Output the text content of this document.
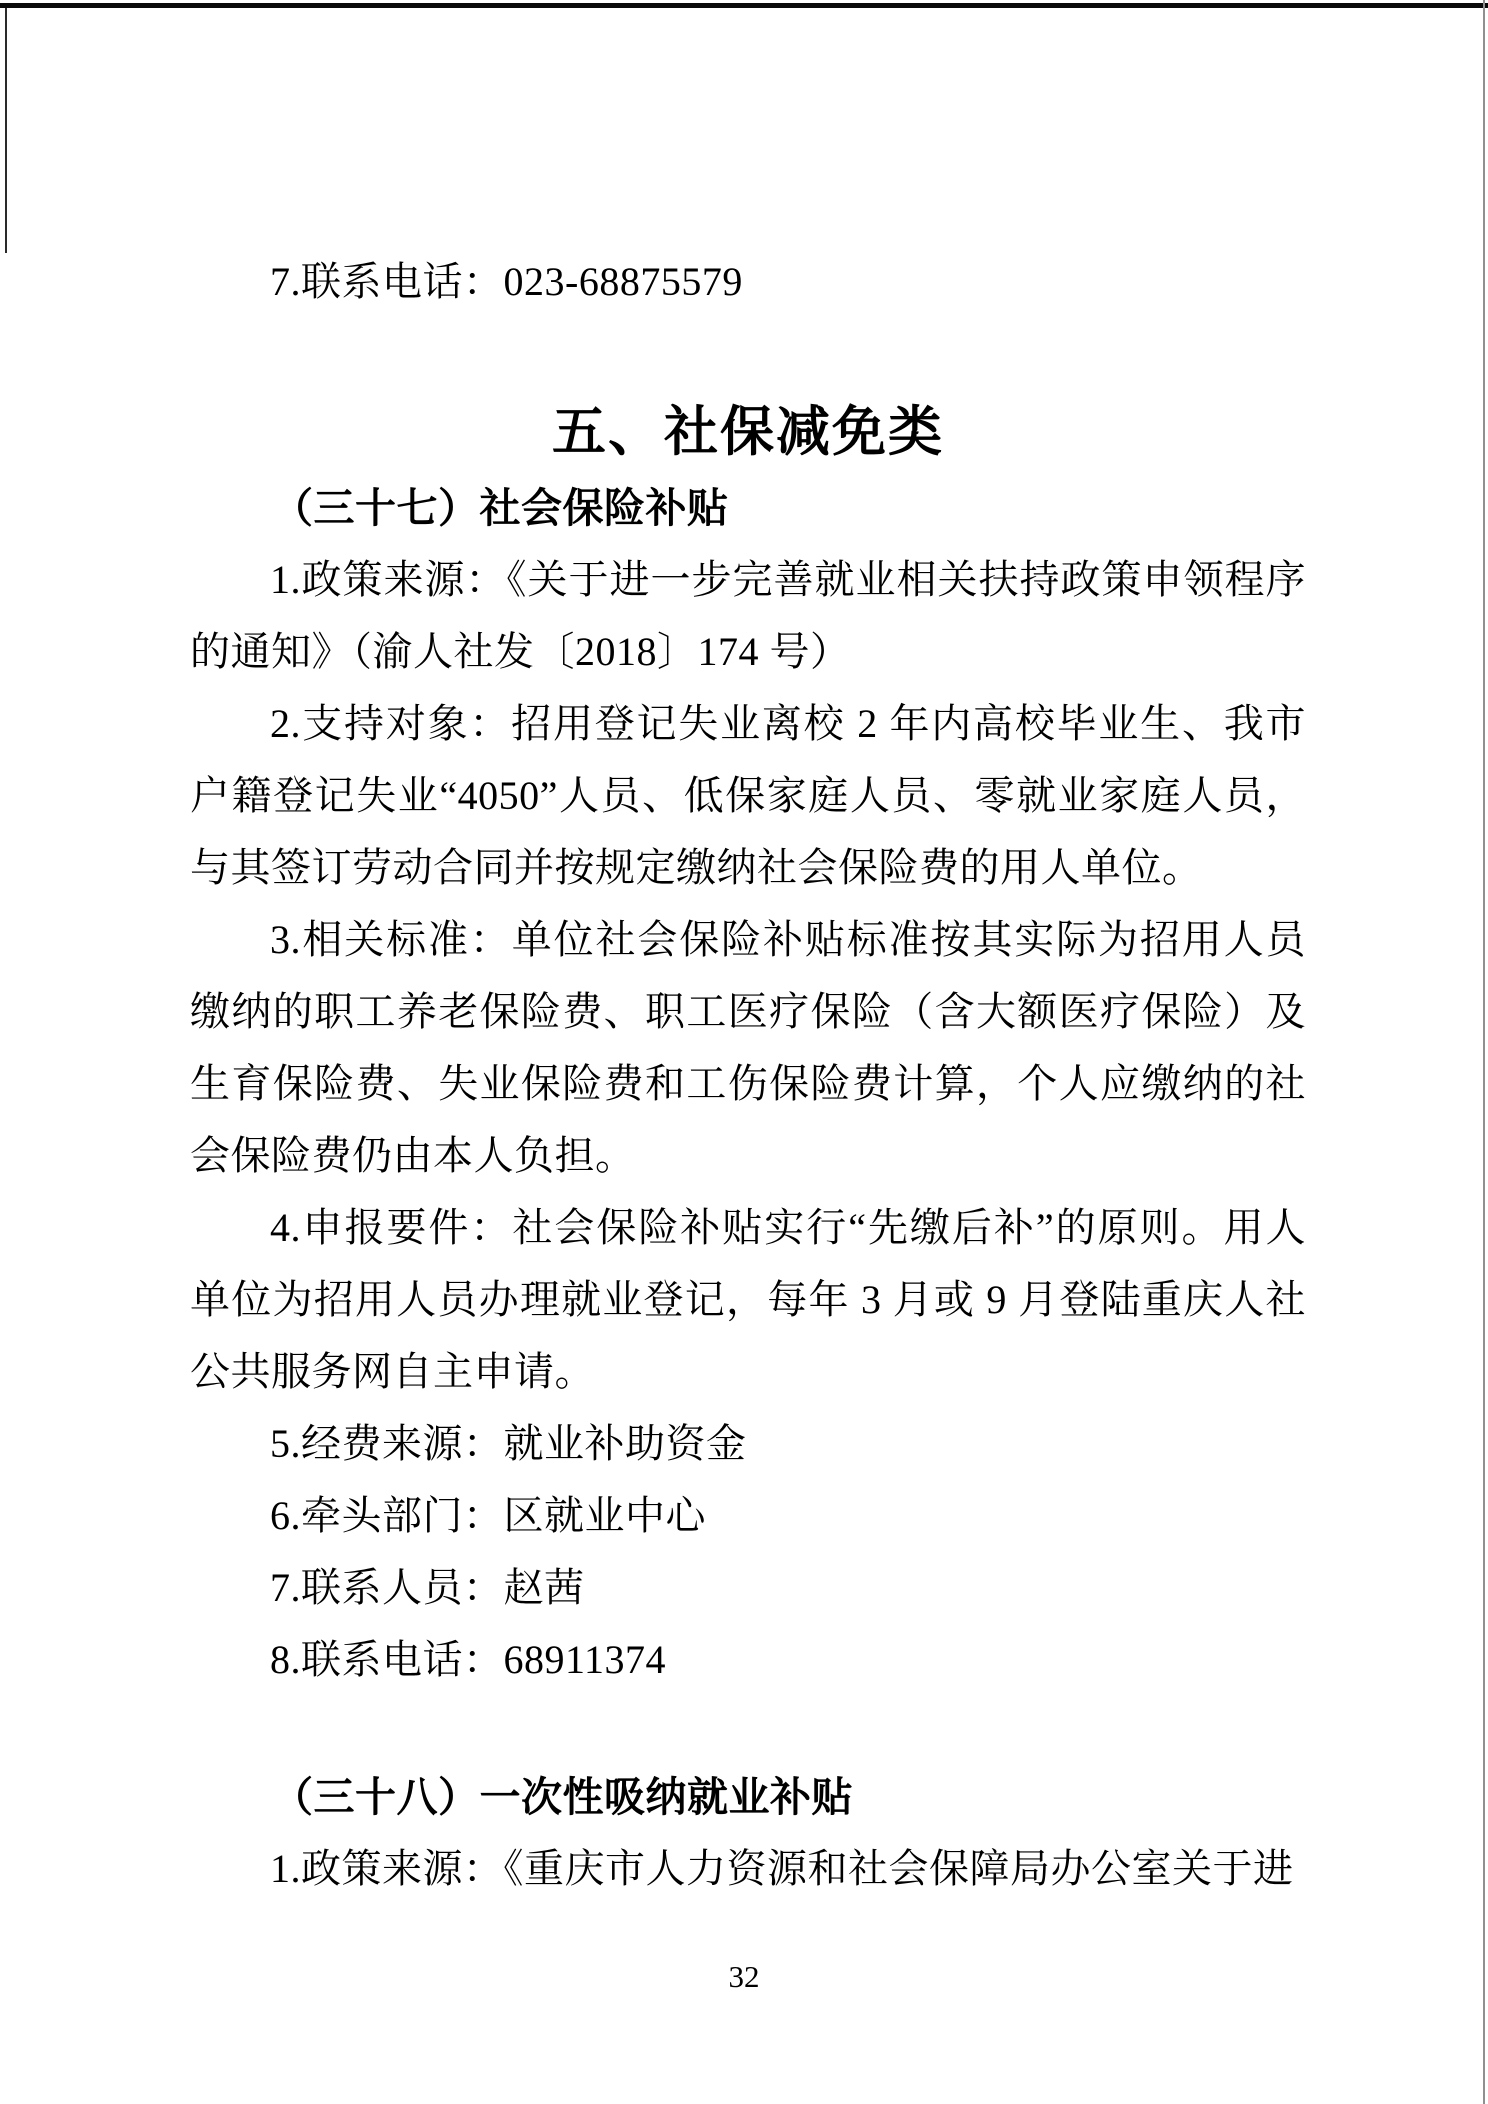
7.联系电话：023-68875579

五、社保减免类
（三十七）社会保险补贴

1.政策来源：《关于进一步完善就业相关扶持政策申领程序的通知》（渝人社发〔2018〕174 号）

2.支持对象：招用登记失业离校 2 年内高校毕业生、我市户籍登记失业“4050”人员、低保家庭人员、零就业家庭人员，与其签订劳动合同并按规定缴纳社会保险费的用人单位。

3.相关标准：单位社会保险补贴标准按其实际为招用人员缴纳的职工养老保险费、职工医疗保险（含大额医疗保险）及生育保险费、失业保险费和工伤保险费计算，个人应缴纳的社会保险费仍由本人负担。

4.申报要件：社会保险补贴实行“先缴后补”的原则。用人单位为招用人员办理就业登记，每年 3 月或 9 月登陆重庆人社公共服务网自主申请。

5.经费来源：就业补助资金

6.牵头部门：区就业中心

7.联系人员：赵茜

8.联系电话：68911374

（三十八）一次性吸纳就业补贴

1.政策来源：《重庆市人力资源和社会保障局办公室关于进

32
